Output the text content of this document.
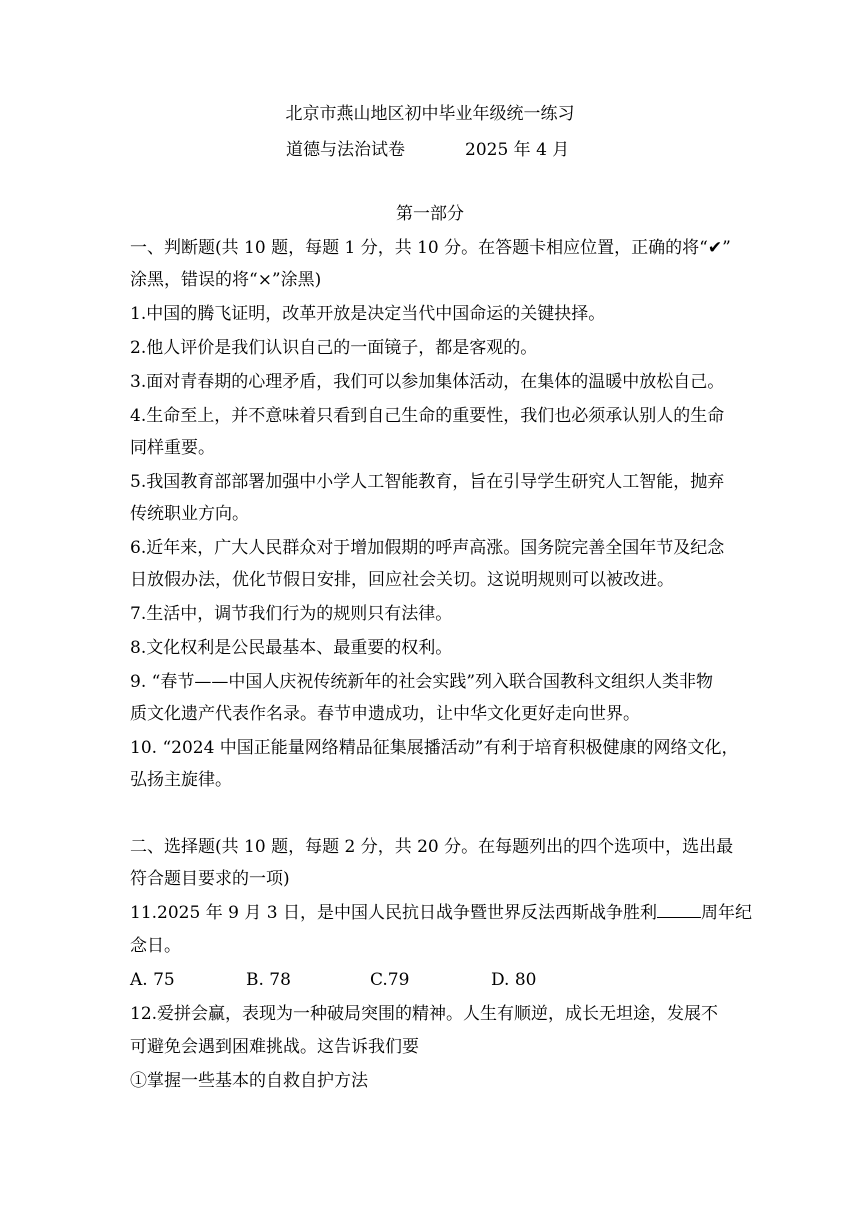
北京市燕山地区初中毕业年级统一练习
道德与法治试卷	2025 年 4 月
第一部分
一、判断题(共 10 题，每题 1 分，共 10 分。在答题卡相应位置，正确的将“✔”
涂黑，错误的将“×”涂黑)
1.中国的腾飞证明，改革开放是决定当代中国命运的关键抉择。
2.他人评价是我们认识自己的一面镜子，都是客观的。
3.面对青春期的心理矛盾，我们可以参加集体活动，在集体的温暖中放松自己。
4.生命至上，并不意味着只看到自己生命的重要性，我们也必须承认别人的生命
同样重要。
5.我国教育部部署加强中小学人工智能教育，旨在引导学生研究人工智能，抛弃
传统职业方向。
6.近年来，广大人民群众对于增加假期的呼声高涨。国务院完善全国年节及纪念
日放假办法，优化节假日安排，回应社会关切。这说明规则可以被改进。
7.生活中，调节我们行为的规则只有法律。
8.文化权利是公民最基本、最重要的权利。
9. “春节——中国人庆祝传统新年的社会实践”列入联合国教科文组织人类非物
质文化遗产代表作名录。春节申遗成功，让中华文化更好走向世界。
10. “2024 中国正能量网络精品征集展播活动”有利于培育积极健康的网络文化，
弘扬主旋律。
二、选择题(共 10 题，每题 2 分，共 20 分。在每题列出的四个选项中，选出最
符合题目要求的一项)
11.2025 年 9 月 3 日，是中国人民抗日战争暨世界反法西斯战争胜利	周年纪
念日。
A. 75	B. 78	C.79	D. 80
12.爱拼会赢，表现为一种破局突围的精神。人生有顺逆，成长无坦途，发展不
可避免会遇到困难挑战。这告诉我们要
①掌握一些基本的自救自护方法
